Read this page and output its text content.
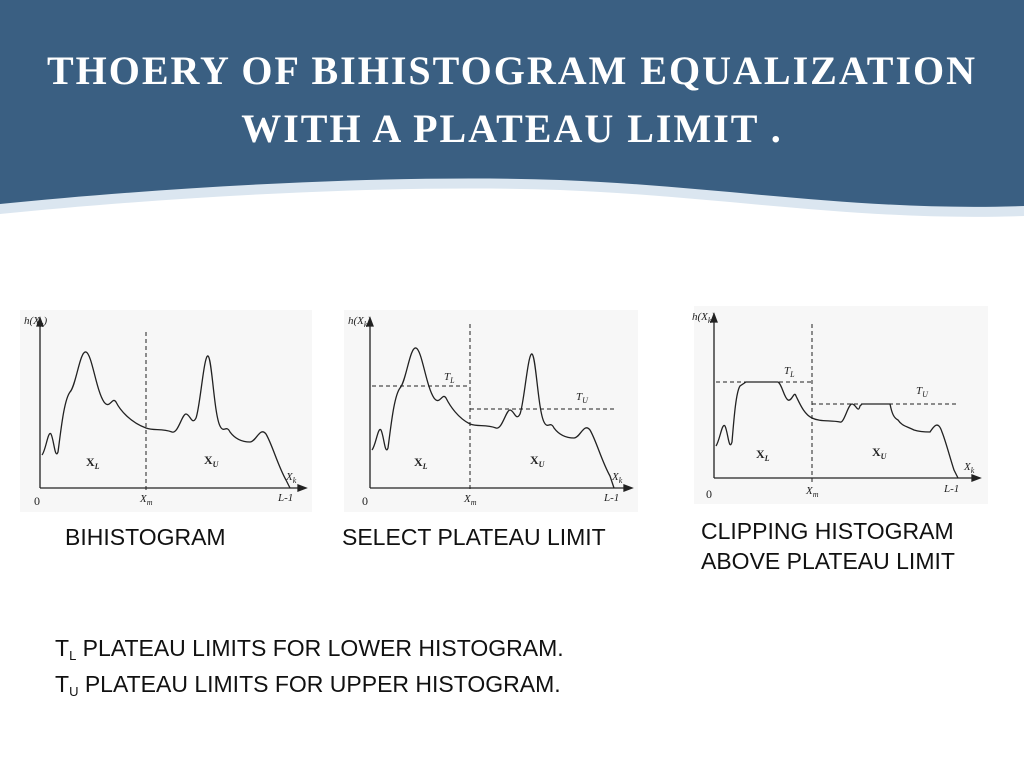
THOERY OF BIHISTOGRAM EQUALIZATION
WITH A PLATEAU LIMIT .
$h(X_k)$
0	$X_m$	L-1
$X_k$
$X_L$	$X_U$

BIHISTOGRAM

$h(X_k)$
$T_L$
$T_U$
0	$X_m$	L-1
$X_k$
$X_L$	$X_U$

SELECT PLATEAU LIMIT

$h(X_k)$
$T_L$
$T_U$
0	$X_m$	L-1
$X_k$
$X_L$	$X_U$

CLIPPING HISTOGRAM
ABOVE PLATEAU LIMIT

$T_L$ PLATEAU LIMITS FOR LOWER HISTOGRAM.

$T_U$ PLATEAU LIMITS FOR UPPER HISTOGRAM.
